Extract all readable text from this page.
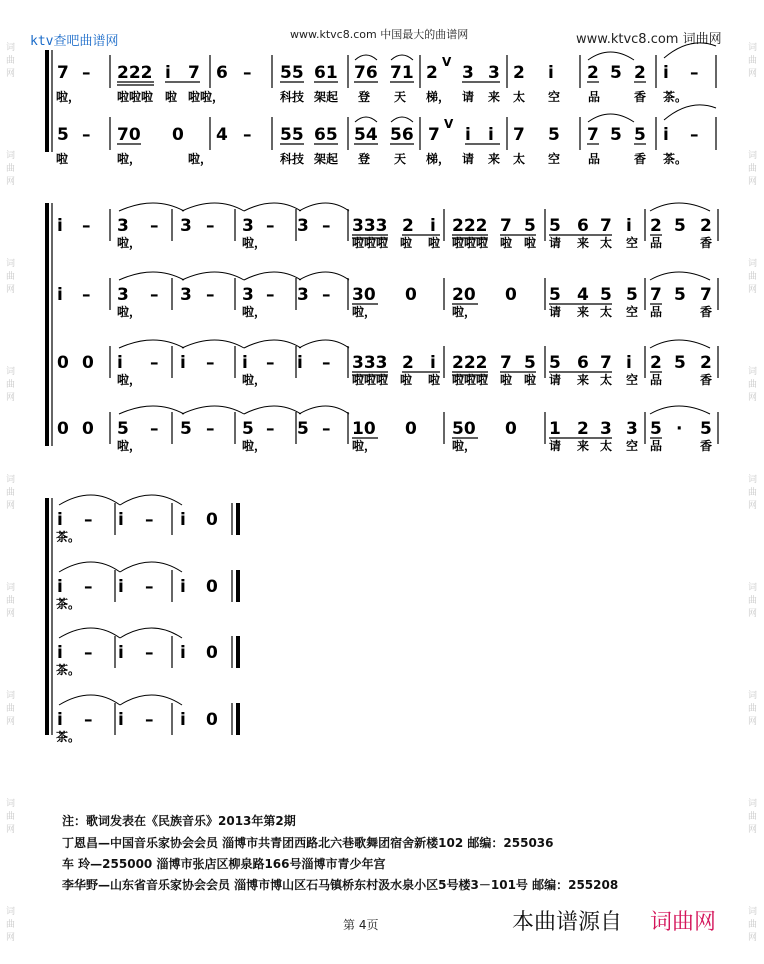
词
曲
网
词
曲
网
词
曲
网
词
曲
网
词
曲
网
词
曲
网
词
曲
网
词
曲
网
词
曲
网
词
曲
网
词
曲
网
词
曲
网
词
曲
网
词
曲
网
词
曲
网
词
曲
网
词
曲
网
词
曲
网
ktv查吧曲谱网	www.ktvc8.com 中国最大的曲谱网	www.ktvc8.com 词曲网
7 – 222 i 7 6 – 55 61 76 71 2
V
3 3 2 i 2 5 2 i –
啦，	啦啦啦 啦 啦啦，	科技 架起 登 天 梯， 请 来 太 空 品	香 茶。
5 – 70 0 4 – 55 65 54 56 7
V
i i 7 5 7 5 5 i –
啦	啦，	啦，	科技 架起 登 天 梯， 请 来 太 空 品	香 茶。
i – 3 – 3 – 3 – 3 – 333 2 i 222 7 5 5 6 7 i 2 5 2
啦，	啦，	啦啦啦 啦 啦 啦啦啦 啦 啦 请 来 太 空 品	香
i – 3 – 3 – 3 – 3 – 30 0 20 0 5 4 5 5 7 5 7
啦，	啦，	啦，	啦，	请 来 太 空 品	香
0 0 i – i – i – i – 333 2 i 222 7 5 5 6 7 i 2 5 2
啦，	啦，	啦啦啦 啦 啦 啦啦啦 啦 啦 请 来 太 空 品	香
0 0 5 – 5 – 5 – 5 – 10 0 50 0 1 2 3 3 5 · 5
啦，	啦，	啦，	啦，	请 来 太 空 品	香
i – i – i 0
茶。
i – i – i 0
茶。
i – i – i 0
茶。
i – i – i 0
茶。
注：歌词发表在《民族音乐》2013年第2期
丁恩昌—中国音乐家协会会员 淄博市共青团西路北六巷歌舞团宿舍新楼102 邮编：255036
车 玲—255000 淄博市张店区柳泉路166号淄博市青少年宫
李华野—山东省音乐家协会会员 淄博市博山区石马镇桥东村汲水泉小区5号楼3－101号 邮编：255208
第 4页	本曲谱源自 词曲网
